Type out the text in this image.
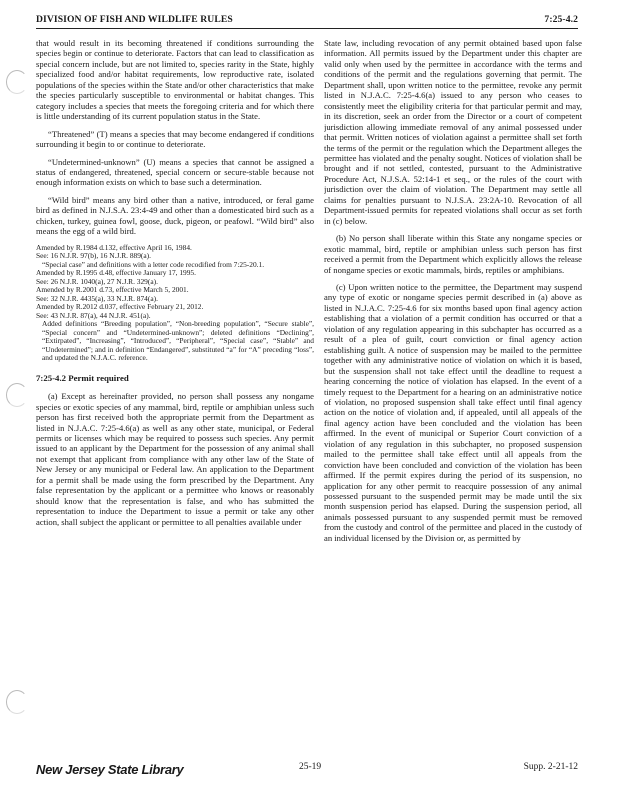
DIVISION OF FISH AND WILDLIFE RULES	7:25-4.2

that would result in its becoming threatened if conditions surrounding the species begin or continue to deteriorate. Factors that can lead to classification as special concern include, but are not limited to, species rarity in the State, highly specialized food and/or habitat requirements, low reproductive rate, isolated populations of the species within the State and/or other characteristics that make the species particularly susceptible to environmental or habitat changes. This category includes a species that meets the foregoing criteria and for which there is little understanding of its current population status in the State.

“Threatened” (T) means a species that may become endangered if conditions surrounding it begin to or continue to deteriorate.

“Undetermined-unknown” (U) means a species that cannot be assigned a status of endangered, threatened, special concern or secure-stable because not enough information exists on which to base such a determination.

“Wild bird” means any bird other than a native, introduced, or feral game bird as defined in N.J.S.A. 23:4-49 and other than a domesticated bird such as a chicken, turkey, guinea fowl, goose, duck, pigeon, or peafowl. “Wild bird” also means the egg of a wild bird.

Amended by R.1984 d.132, effective April 16, 1984.
See: 16 N.J.R. 97(b), 16 N.J.R. 889(a).
“Special case” and definitions with a letter code recodified from 7:25-20.1.
Amended by R.1995 d.48, effective January 17, 1995.
See: 26 N.J.R. 1040(a), 27 N.J.R. 329(a).
Amended by R.2001 d.73, effective March 5, 2001.
See: 32 N.J.R. 4435(a), 33 N.J.R. 874(a).
Amended by R.2012 d.037, effective February 21, 2012.
See: 43 N.J.R. 87(a), 44 N.J.R. 451(a).
Added definitions “Breeding population”, “Non-breeding population”, “Secure stable”, “Special concern” and “Undetermined-unknown”; deleted definitions “Declining”, “Extirpated”, “Increasing”, “Introduced”, “Peripheral”, “Special case”, “Stable” and “Undetermined”; and in definition “Endangered”, substituted “a” for “A” preceding “loss”, and updated the N.J.A.C. reference.
7:25-4.2 Permit required

(a) Except as hereinafter provided, no person shall possess any nongame species or exotic species of any mammal, bird, reptile or amphibian unless such person has first received both the appropriate permit from the Department as listed in N.J.A.C. 7:25-4.6(a) as well as any other state, municipal, or Federal permits or licenses which may be required to possess such species. Any permit issued to an applicant by the Department for the possession of any animal shall not exempt that applicant from compliance with any other law of the State of New Jersey or any municipal or Federal law. An application to the Department for a permit shall be made using the form prescribed by the Department. Any false representation by the applicant or a permittee who knows or reasonably should know that the representation is false, and who has submitted the representation to induce the Department to issue a permit or take any other action, shall subject the applicant or permittee to all penalties available under

State law, including revocation of any permit obtained based upon false information. All permits issued by the Department under this chapter are valid only when used by the permittee in accordance with the terms and conditions of the permit and the regulations governing that permit. The Department shall, upon written notice to the permittee, revoke any permit listed in N.J.A.C. 7:25-4.6(a) issued to any person who ceases to consistently meet the eligibility criteria for that particular permit and may, in its discretion, seek an order from the Director or a court of competent jurisdiction allowing immediate removal of any animal possessed under that permit. Written notices of violation against a permittee shall set forth the terms of the permit or the regulation which the Department alleges the permittee has violated and the penalty sought. Notices of violation shall be brought and if not settled, contested, pursuant to the Administrative Procedure Act, N.J.S.A. 52:14-1 et seq., or the rules of the court with jurisdiction over the claim of violation. The Department may settle all claims for penalties pursuant to N.J.S.A. 23:2A-10. Revocation of all Department-issued permits for repeated violations shall occur as set forth in (c) below.

(b) No person shall liberate within this State any nongame species or exotic mammal, bird, reptile or amphibian unless such person has first received a permit from the Department which explicitly allows the release of nongame species or exotic mammals, birds, reptiles or amphibians.

(c) Upon written notice to the permittee, the Department may suspend any type of exotic or nongame species permit described in (a) above as listed in N.J.A.C. 7:25-4.6 for six months based upon final agency action establishing that a violation of a permit condition has occurred or that a violation of any regulation appearing in this subchapter has occurred as a result of a plea of guilt, court conviction or final agency action establishing guilt. A notice of suspension may be mailed to the permittee together with any administrative notice of violation on which it is based, but the suspension shall not take effect until the deadline to request a hearing concerning the notice of violation has elapsed. In the event of a timely request to the Department for a hearing on an administrative notice of violation, no proposed suspension shall take effect until final agency action on the notice of violation and, if appealed, until all appeals of the final agency action have been concluded and the violation has been affirmed. In the event of municipal or Superior Court conviction of a violation of any regulation in this subchapter, no proposed suspension mailed to the permittee shall take effect until all appeals from the conviction have been concluded and conviction of the violation has been affirmed. If the permit expires during the period of its suspension, no application for any other permit to reacquire possession of any animal possessed pursuant to the suspended permit may be made until the six month suspension period has elapsed. During the suspension period, all animals possessed pursuant to any suspended permit must be removed from the custody and control of the permittee and placed in the custody of an individual licensed by the Division or, as permitted by

New Jersey State Library	25-19	Supp. 2-21-12
